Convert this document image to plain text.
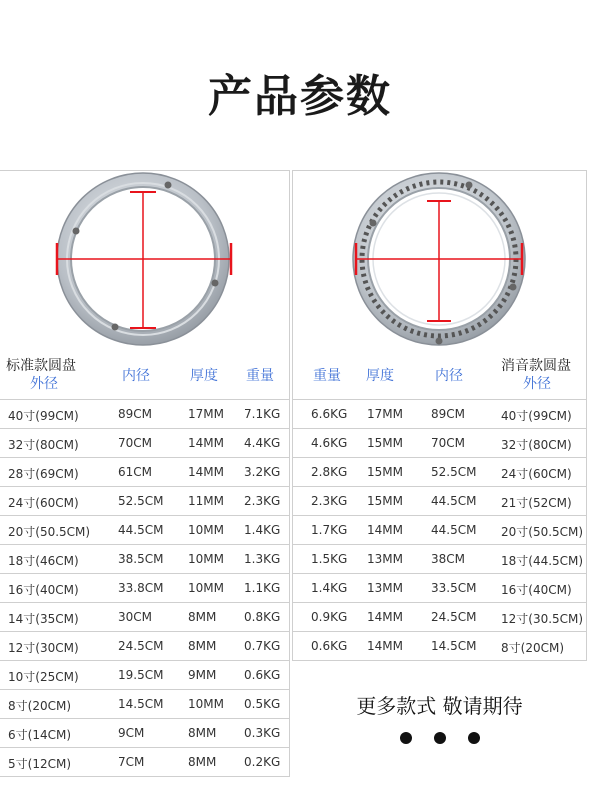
产品参数
标准款圆盘
外径	内径	厚度 重量
40寸(99CM)	89CM	17MM 7.1KG
32寸(80CM)	70CM	14MM 4.4KG
28寸(69CM)	61CM	14MM 3.2KG
24寸(60CM)	52.5CM 11MM 2.3KG
20寸(50.5CM) 44.5CM 10MM 1.4KG
18寸(46CM)	38.5CM 10MM 1.3KG
16寸(40CM)	33.8CM 10MM 1.1KG
14寸(35CM)	30CM	8MM 0.8KG
12寸(30CM)	24.5CM 8MM 0.7KG
10寸(25CM)	19.5CM 9MM 0.6KG
8寸(20CM)	14.5CM 10MM 0.5KG
6寸(14CM)	9CM	8MM 0.3KG
5寸(12CM)	7CM	8MM 0.2KG
重量 厚度	内径
消音款圆盘
外径
6.6KG 17MM 89CM	40寸(99CM)
4.6KG 15MM 70CM	32寸(80CM)
2.8KG 15MM 52.5CM 24寸(60CM)
2.3KG 15MM 44.5CM 21寸(52CM)
1.7KG 14MM 44.5CM 20寸(50.5CM)
1.5KG 13MM 38CM	18寸(44.5CM)
1.4KG 13MM 33.5CM 16寸(40CM)
0.9KG 14MM 24.5CM 12寸(30.5CM)
0.6KG 14MM 14.5CM 8寸(20CM)
更多款式 敬请期待
